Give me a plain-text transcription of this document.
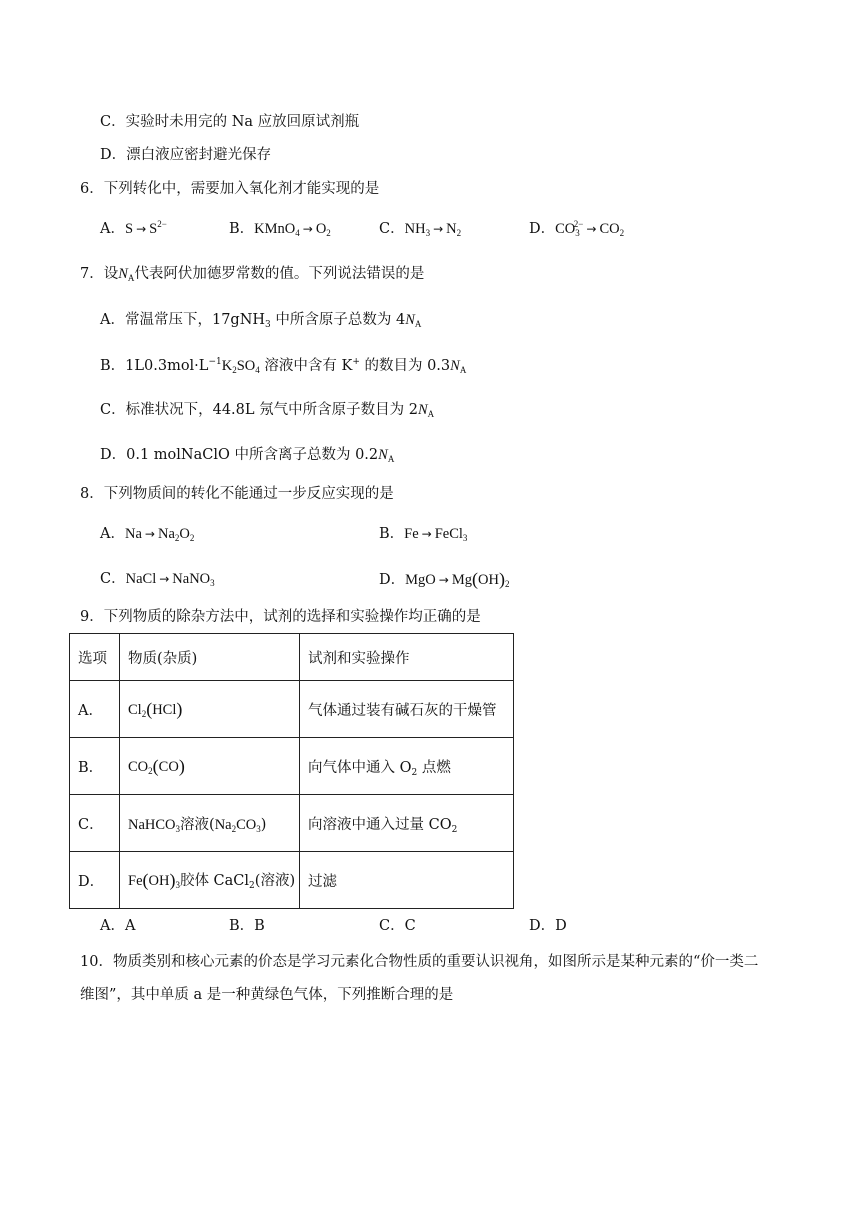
C．实验时未用完的 Na 应放回原试剂瓶
D．漂白液应密封避光保存
6．下列转化中，需要加入氧化剂才能实现的是
A．$S \to S^{2-}$	B．KMnO$_4$ → $O_2$	C．$NH_3 \to N_2$	D．$CO_3^{2-} \to CO_2$
7．设$N_A$代表阿伏加德罗常数的值。下列说法错误的是
A．常温常压下，17gNH$_3$ 中所含原子总数为 $4N_A$
B．$1L0.3mol\cdot L^{-1}K_2SO_4$ 溶液中含有 K+ 的数目为 $0.3N_A$
C．标准状况下，44.8L 氖气中所含原子数目为 $2N_A$
D．0.1 molNaClO 中所含离子总数为 $0.2N_A$
8．下列物质间的转化不能通过一步反应实现的是
A．$Na \to Na_2O_2$	B．Fe → FeCl$_3$
C．NaCl → NaNO$_3$	D．MgO → $Mg(OH)_2$
9．下列物质的除杂方法中，试剂的选择和实验操作均正确的是
选项	物质(杂质)	试剂和实验操作
A．	$Cl_2(HCl)$	气体通过装有碱石灰的干燥管
B．	$CO_2(CO)$	向气体中通入 $O_2$ 点燃
C．	NaHCO$_3$溶液$(Na_2CO_3)$	向溶液中通入过量 $CO_2$
D．	$Fe(OH)_3$胶体 CaCl$_2$(溶液)	过滤
A．A	B．B	C．C	D．D
10．物质类别和核心元素的价态是学习元素化合物性质的重要认识视角，如图所示是某种元素的“价一类二
维图”，其中单质 a 是一种黄绿色气体，下列推断合理的是
